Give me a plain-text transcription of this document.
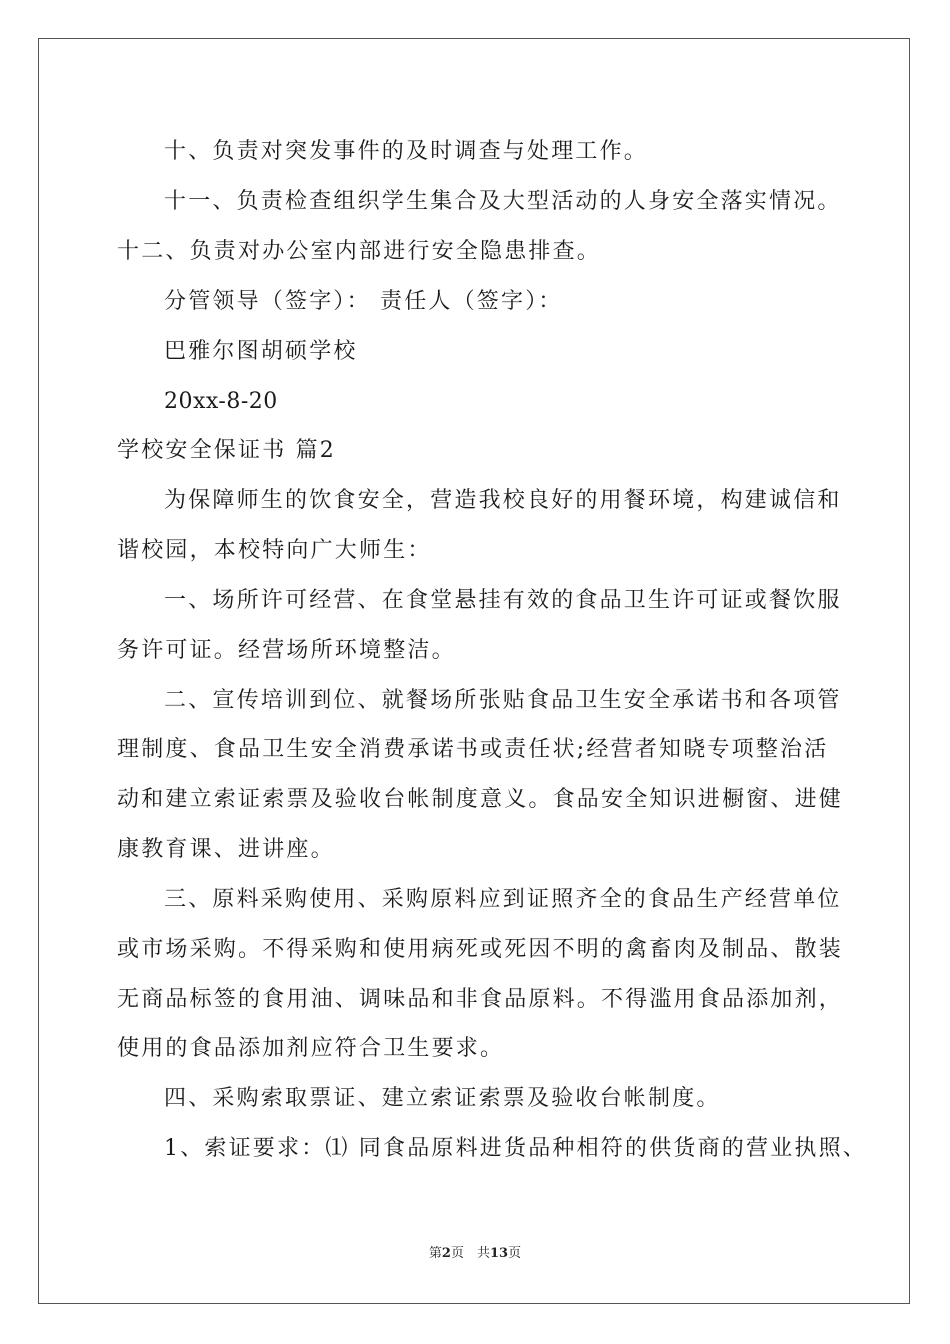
十、负责对突发事件的及时调查与处理工作。
十一、负责检查组织学生集合及大型活动的人身安全落实情况。
十二、负责对办公室内部进行安全隐患排查。
分管领导（签字）： 责任人（签字）：
巴雅尔图胡硕学校
20xx-8-20
学校安全保证书 篇2
为保障师生的饮食安全，营造我校良好的用餐环境，构建诚信和
谐校园，本校特向广大师生：
一、场所许可经营、在食堂悬挂有效的食品卫生许可证或餐饮服
务许可证。经营场所环境整洁。
二、宣传培训到位、就餐场所张贴食品卫生安全承诺书和各项管
理制度、食品卫生安全消费承诺书或责任状;经营者知晓专项整治活
动和建立索证索票及验收台帐制度意义。食品安全知识进橱窗、进健
康教育课、进讲座。
三、原料采购使用、采购原料应到证照齐全的食品生产经营单位
或市场采购。不得采购和使用病死或死因不明的禽畜肉及制品、散装
无商品标签的食用油、调味品和非食品原料。不得滥用食品添加剂，
使用的食品添加剂应符合卫生要求。
四、采购索取票证、建立索证索票及验收台帐制度。
1、索证要求：⑴ 同食品原料进货品种相符的供货商的营业执照、
第2页　共13页
